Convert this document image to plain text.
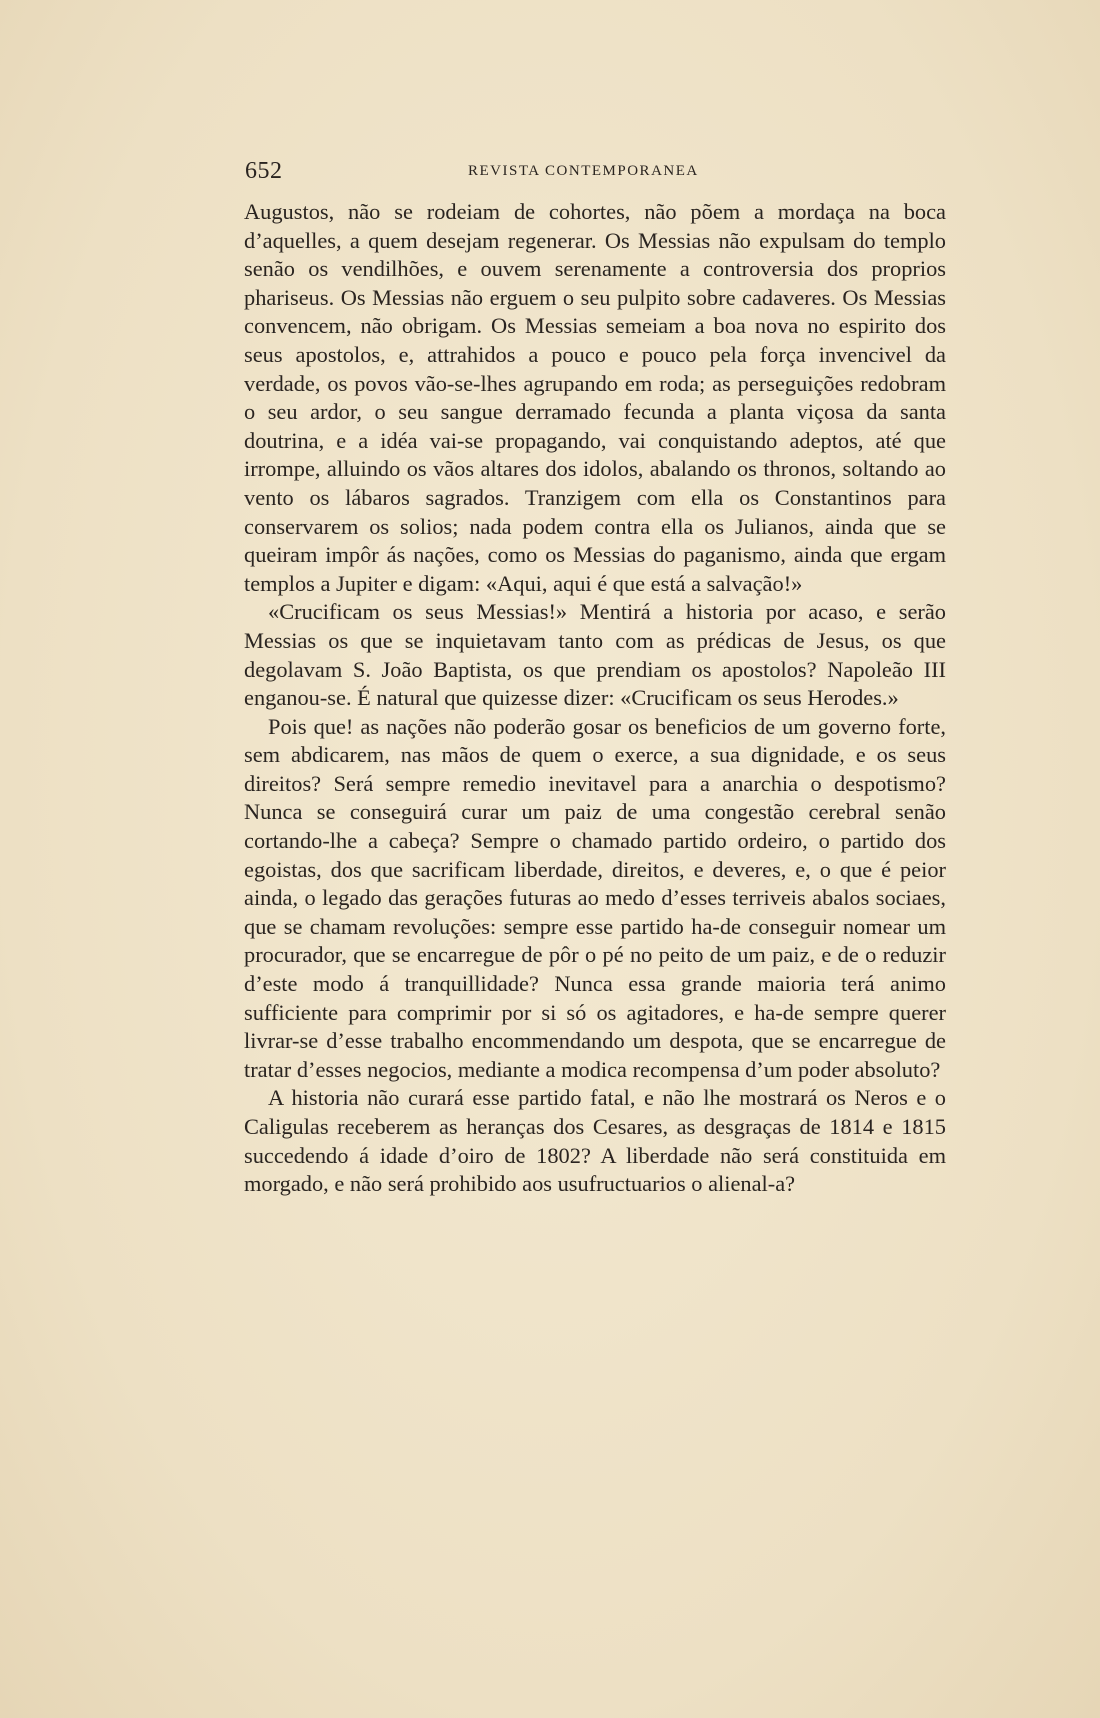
652	REVISTA CONTEMPORANEA

Augustos, não se rodeiam de cohortes, não põem a mordaça na boca d’aquelles, a quem desejam regenerar. Os Messias não expulsam do templo senão os vendilhões, e ouvem serenamente a controversia dos proprios phariseus. Os Messias não erguem o seu pulpito sobre cadaveres. Os Messias convencem, não obrigam. Os Messias semeiam a boa nova no espirito dos seus apostolos, e, attrahidos a pouco e pouco pela força invencivel da verdade, os povos vão-se-lhes agrupando em roda; as perseguições redobram o seu ardor, o seu sangue derramado fecunda a planta viçosa da santa doutrina, e a idéa vai-se propagando, vai conquistando adeptos, até que irrompe, alluindo os vãos altares dos idolos, abalando os thronos, soltando ao vento os lábaros sagrados. Tranzigem com ella os Constantinos para conservarem os solios; nada podem contra ella os Julianos, ainda que se queiram impôr ás nações, como os Messias do paganismo, ainda que ergam templos a Jupiter e digam: «Aqui, aqui é que está a salvação!»

«Crucificam os seus Messias!» Mentirá a historia por acaso, e serão Messias os que se inquietavam tanto com as prédicas de Jesus, os que degolavam S. João Baptista, os que prendiam os apostolos? Napoleão III enganou-se. É natural que quizesse dizer: «Crucificam os seus Herodes.»

Pois que! as nações não poderão gosar os beneficios de um governo forte, sem abdicarem, nas mãos de quem o exerce, a sua dignidade, e os seus direitos? Será sempre remedio inevitavel para a anarchia o despotismo? Nunca se conseguirá curar um paiz de uma congestão cerebral senão cortando-lhe a cabeça? Sempre o chamado partido ordeiro, o partido dos egoistas, dos que sacrificam liberdade, direitos, e deveres, e, o que é peior ainda, o legado das gerações futuras ao medo d’esses terriveis abalos sociaes, que se chamam revoluções: sempre esse partido ha-de conseguir nomear um procurador, que se encarregue de pôr o pé no peito de um paiz, e de o reduzir d’este modo á tranquillidade? Nunca essa grande maioria terá animo sufficiente para comprimir por si só os agitadores, e ha-de sempre querer livrar-se d’esse trabalho encommendando um despota, que se encarregue de tratar d’esses negocios, mediante a modica recompensa d’um poder absoluto?

A historia não curará esse partido fatal, e não lhe mostrará os Neros e o Caligulas receberem as heranças dos Cesares, as desgraças de 1814 e 1815 succedendo á idade d’oiro de 1802? A liberdade não será constituida em morgado, e não será prohibido aos usufructuarios o alienal-a?
